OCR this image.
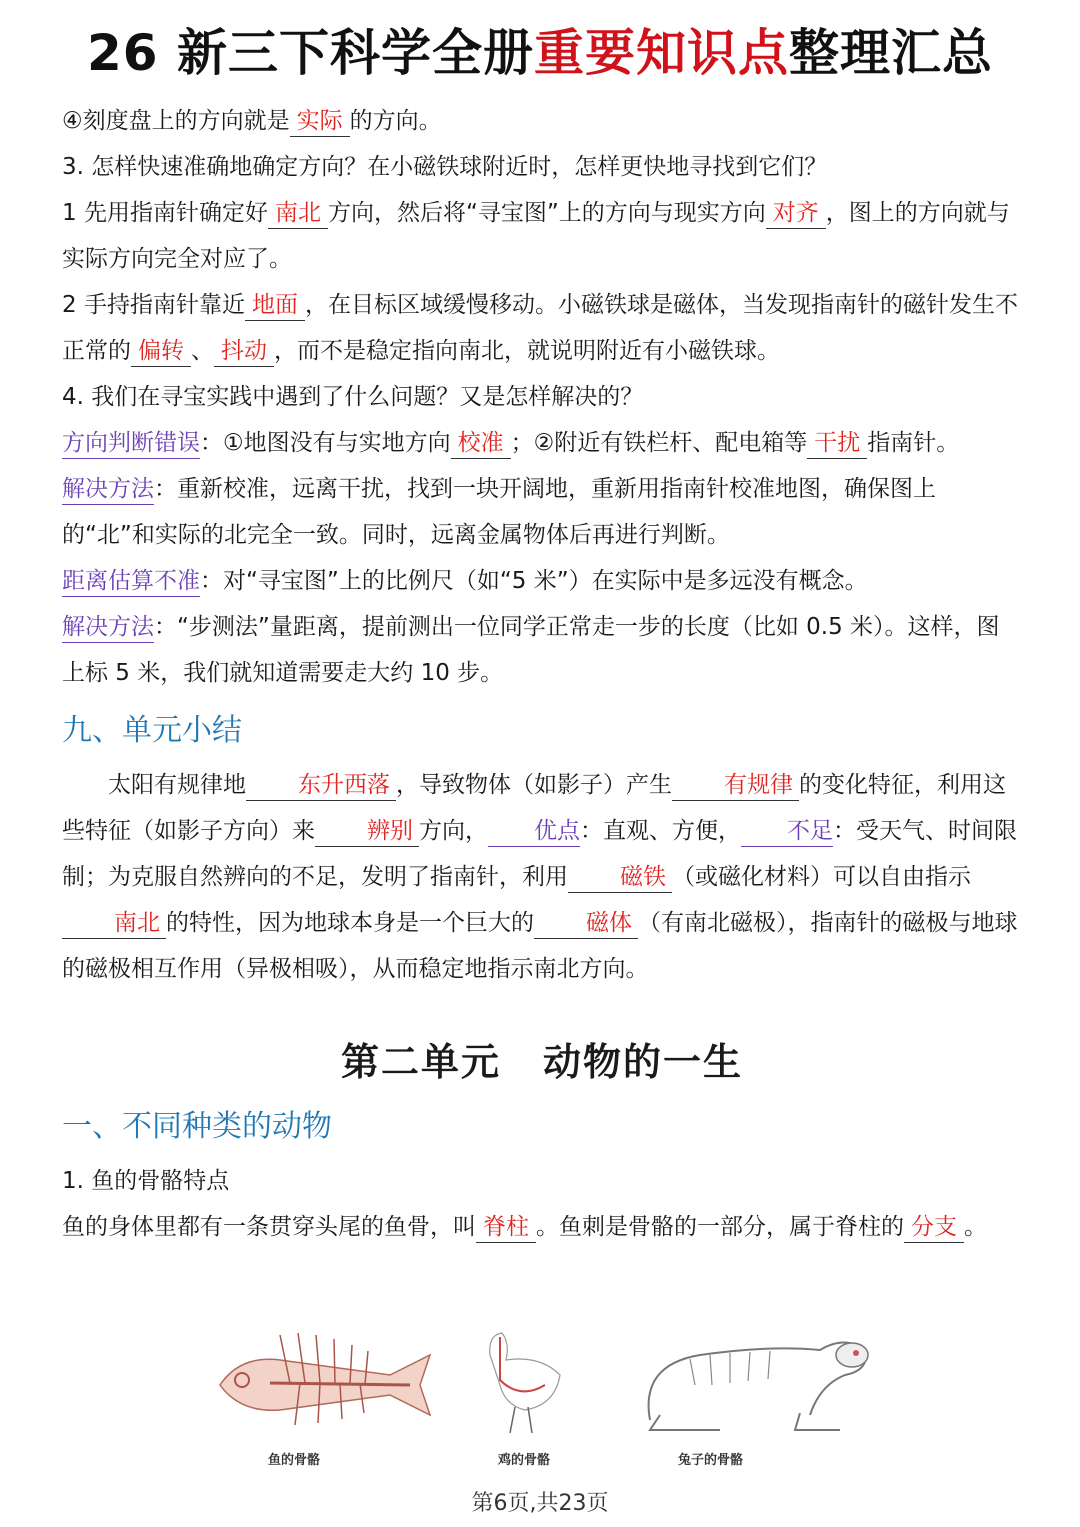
26 新三下科学全册重要知识点整理汇总

④刻度盘上的方向就是 实际 的方向。

3. 怎样快速准确地确定方向？在小磁铁球附近时，怎样更快地寻找到它们？

1 先用指南针确定好 南北 方向，然后将“寻宝图”上的方向与现实方向 对齐 ，图上的方向就与实际方向完全对应了。

2 手持指南针靠近 地面 ，在目标区域缓慢移动。小磁铁球是磁体，当发现指南针的磁针发生不正常的 偏转 、 抖动 ，而不是稳定指向南北，就说明附近有小磁铁球。

4. 我们在寻宝实践中遇到了什么问题？又是怎样解决的？

方向判断错误：①地图没有与实地方向 校准 ；②附近有铁栏杆、配电箱等 干扰 指南针。

解决方法：重新校准，远离干扰，找到一块开阔地，重新用指南针校准地图，确保图上的“北”和实际的北完全一致。同时，远离金属物体后再进行判断。

距离估算不准：对“寻宝图”上的比例尺（如“5 米”）在实际中是多远没有概念。

解决方法：“步测法”量距离，提前测出一位同学正常走一步的长度（比如 0.5 米）。这样，图上标 5 米，我们就知道需要走大约 10 步。

九、单元小结

太阳有规律地 东升西落 ，导致物体（如影子）产生 有规律 的变化特征，利用这些特征（如影子方向）来 辨别 方向， 优点：直观、方便， 不足：受天气、时间限制；为克服自然辨向的不足，发明了指南针，利用 磁铁 （或磁化材料）可以自由指示南北 的特性，因为地球本身是一个巨大的 磁体 （有南北磁极），指南针的磁极与地球的磁极相互作用（异极相吸），从而稳定地指示南北方向。

第二单元 动物的一生
一、不同种类的动物

1. 鱼的骨骼特点

鱼的身体里都有一条贯穿头尾的鱼骨，叫 脊柱 。鱼刺是骨骼的一部分，属于脊柱的 分支 。

鱼的骨骼	鸡的骨骼	兔子的骨骼
第6页,共23页
